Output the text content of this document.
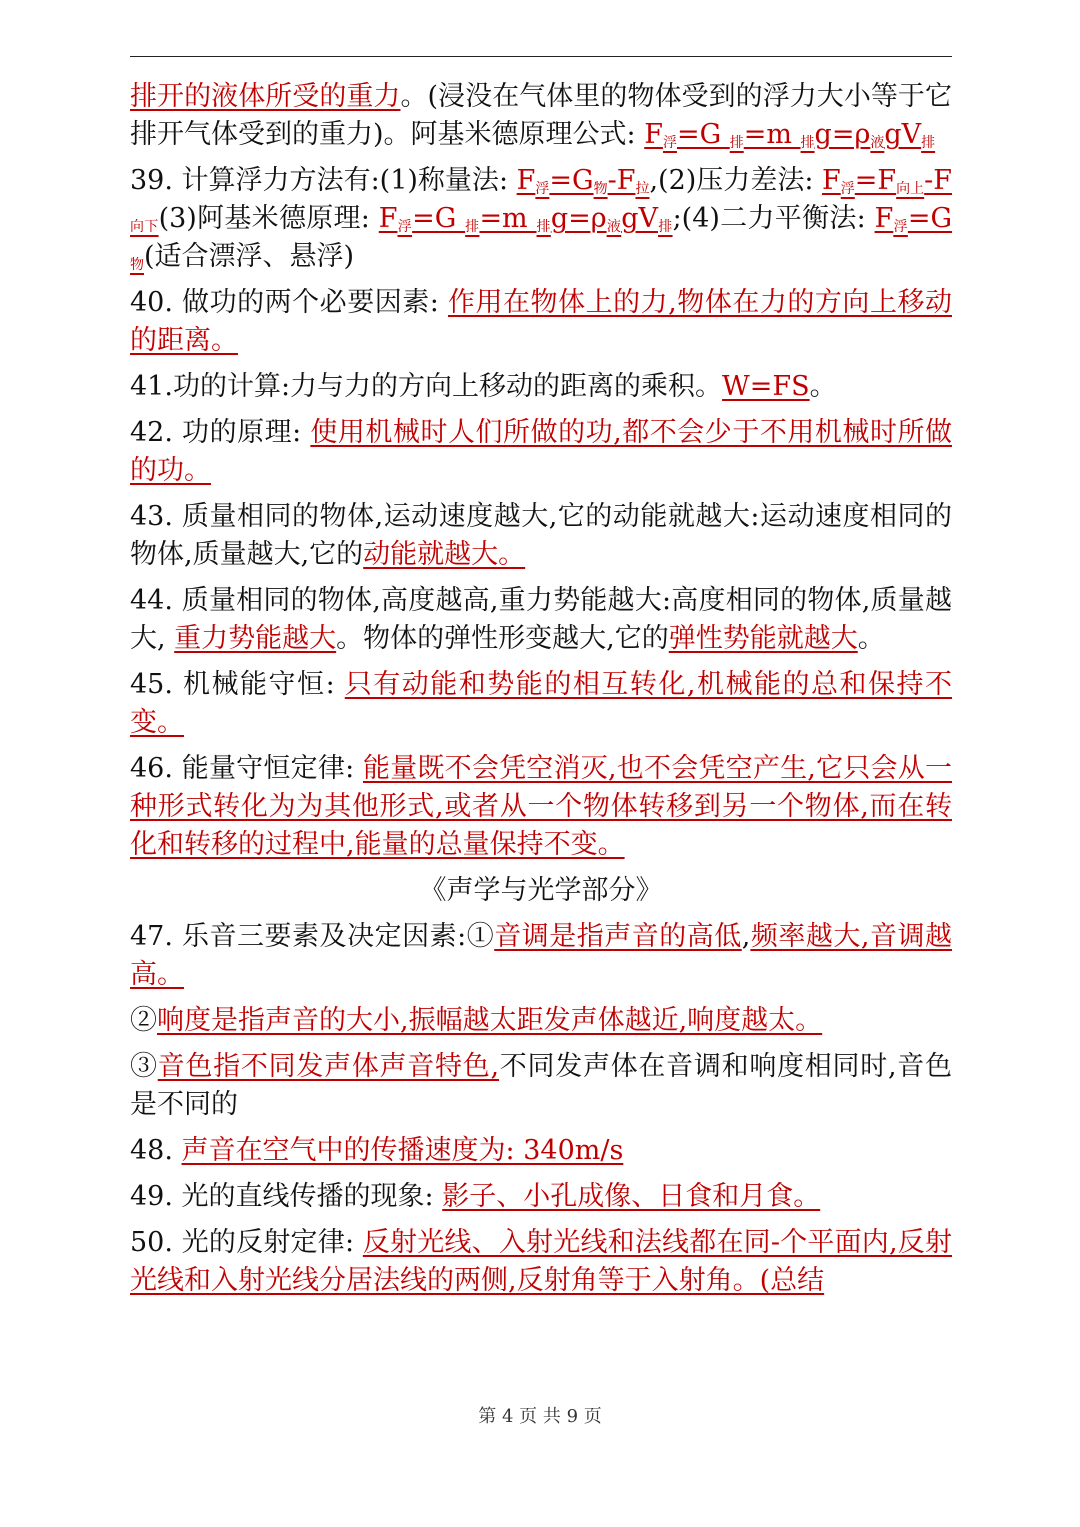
排开的液体所受的重力。(浸没在气体里的物体受到的浮力大小等于它排开气体受到的重力)。阿基米德原理公式: $F_浮=G$ $_排$=m $_排g=\rho_液gV_排$
39. 计算浮力方法有:(1)称量法: $F_浮=G_物-F_拉,(2)$压力差法: $F_浮=F_{向上}-F_{向下}(3)$阿基米德原理: $F_浮=G$ $_排$=m $_排g=\rho_液gV_排;(4)$二力平衡法: $F_浮=G_物$(适合漂浮、悬浮)
40. 做功的两个必要因素: 作用在物体上的力,物体在力的方向上移动的距离。
41.功的计算:力与力的方向上移动的距离的乘积。W=FS。
42. 功的原理: 使用机械时人们所做的功,都不会少于不用机械时所做的功。
43. 质量相同的物体,运动速度越大,它的动能就越大:运动速度相同的物体,质量越大,它的动能就越大。
44. 质量相同的物体,高度越高,重力势能越大:高度相同的物体,质量越大, 重力势能越大。物体的弹性形变越大,它的弹性势能就越大。
45. 机械能守恒: 只有动能和势能的相互转化,机械能的总和保持不变。
46. 能量守恒定律: 能量既不会凭空消灭,也不会凭空产生,它只会从一种形式转化为为其他形式,或者从一个物体转移到另一个物体,而在转化和转移的过程中,能量的总量保持不变。
《声学与光学部分》
47. 乐音三要素及决定因素:①音调是指声音的高低,频率越大,音调越高。
②响度是指声音的大小,振幅越太距发声体越近,响度越太。
③音色指不同发声体声音特色,不同发声体在音调和响度相同时,音色是不同的
48. 声音在空气中的传播速度为: 340m/s
49. 光的直线传播的现象: 影子、小孔成像、日食和月食。
50. 光的反射定律: 反射光线、入射光线和法线都在同-个平面内,反射光线和入射光线分居法线的两侧,反射角等于入射角。(总结
第 4 页 共 9 页
